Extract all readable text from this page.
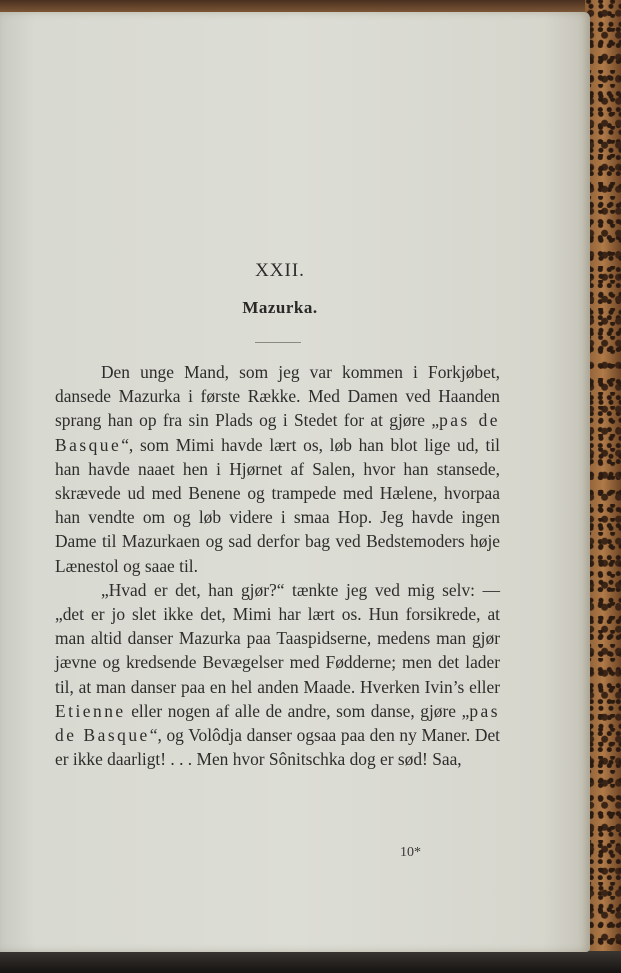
XXII.
Mazurka.

Den unge Mand, som jeg var kommen i Forkjøbet, dansede Mazurka i første Række. Med Damen ved Haanden sprang han op fra sin Plads og i Stedet for at gjøre „pas de Basque“, som Mimi havde lært os, løb han blot lige ud, til han havde naaet hen i Hjørnet af Salen, hvor han stansede, skrævede ud med Benene og trampede med Hælene, hvorpaa han vendte om og løb videre i smaa Hop. Jeg havde ingen Dame til Mazurkaen og sad derfor bag ved Bedstemoders høje Lænestol og saae til.

„Hvad er det, han gjør?“ tænkte jeg ved mig selv: — „det er jo slet ikke det, Mimi har lært os. Hun forsikrede, at man altid danser Mazurka paa Taaspidserne, medens man gjør jævne og kredsende Bevægelser med Fødderne; men det lader til, at man danser paa en hel anden Maade. Hverken Ivin’s eller Etienne eller nogen af alle de andre, som danse, gjøre „pas de Basque“, og Volôdja danser ogsaa paa den ny Maner. Det er ikke daarligt! . . . Men hvor Sônitschka dog er sød! Saa,

10*
